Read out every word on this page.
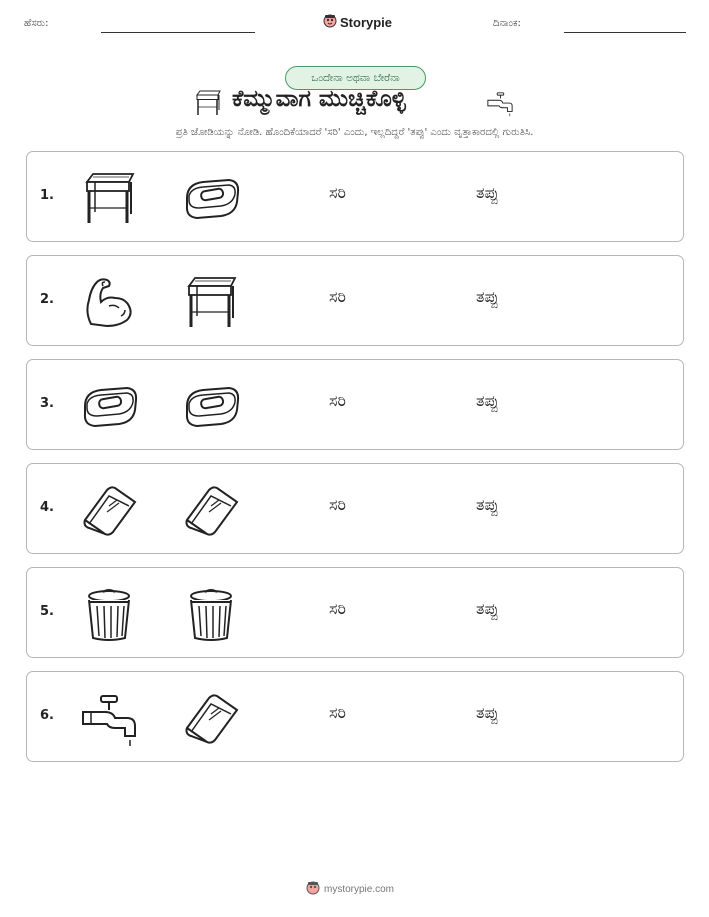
ಹೆಸರು:	Storypie	ದಿನಾಂಕ:
ಒಂದೇನಾ ಅಥವಾ ಬೇರೆನಾ
ಕೆಮ್ಮುವಾಗ ಮುಚ್ಚಿಕೊಳ್ಳಿ
ಪ್ರತಿ ಜೋಡಿಯನ್ನು ನೋಡಿ. ಹೊಂದಿಕೆಯಾದರೆ 'ಸರಿ' ಎಂದು, ಇಲ್ಲದಿದ್ದರೆ 'ತಪ್ಪು' ಎಂದು ವೃತ್ತಾಕಾರದಲ್ಲಿ ಗುರುತಿಸಿ.
1.	ಸರಿ	ತಪ್ಪು
2.	ಸರಿ	ತಪ್ಪು
3.	ಸರಿ	ತಪ್ಪು
4.	ಸರಿ	ತಪ್ಪು
5.	ಸರಿ	ತಪ್ಪು
6.	ಸರಿ	ತಪ್ಪು
mystorypie.com
